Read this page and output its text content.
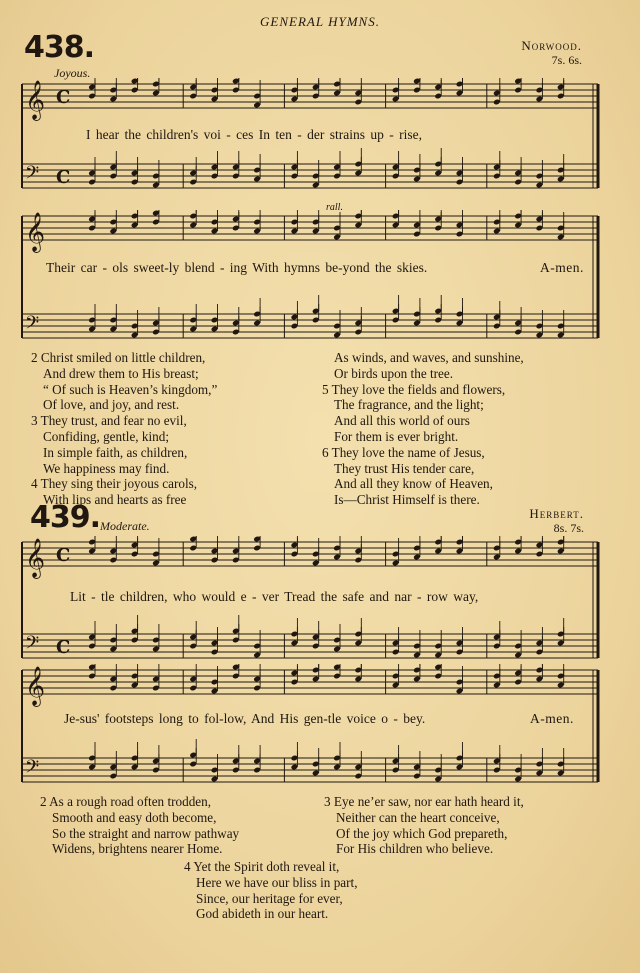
GENERAL HYMNS.
438.	Norwood.
7s. 6s.
Joyous.
𝄞 C
𝄢 C
I hear the children's voi - ces In ten - der strains up - rise,
rall.
𝄞
𝄢
Their car - ols sweet-ly blend - ing With hymns be-yond the skies.	A-men.
2 Christ smiled on little children,
And drew them to His breast;
“ Of such is Heaven’s kingdom,”
Of love, and joy, and rest.
3 They trust, and fear no evil,
Confiding, gentle, kind;
In simple faith, as children,
We happiness may find.
4 They sing their joyous carols,
With lips and hearts as free
As winds, and waves, and sunshine,
Or birds upon the tree.
5 They love the fields and flowers,
The fragrance, and the light;
And all this world of ours
For them is ever bright.
6 They love the name of Jesus,
They trust His tender care,
And all they know of Heaven,
Is—Christ Himself is there.
439.	Herbert.
8s. 7s.
Moderate.
𝄞 C
𝄢 C
Lit - tle children, who would e - ver Tread the safe and nar - row way,
𝄞
𝄢
Je-sus' footsteps long to fol-low, And His gen-tle voice o - bey.	A-men.
2 As a rough road often trodden,
Smooth and easy doth become,
So the straight and narrow pathway
Widens, brightens nearer Home.
3 Eye ne’er saw, nor ear hath heard it,
Neither can the heart conceive,
Of the joy which God prepareth,
For His children who believe.
4 Yet the Spirit doth reveal it,
Here we have our bliss in part,
Since, our heritage for ever,
God abideth in our heart.
